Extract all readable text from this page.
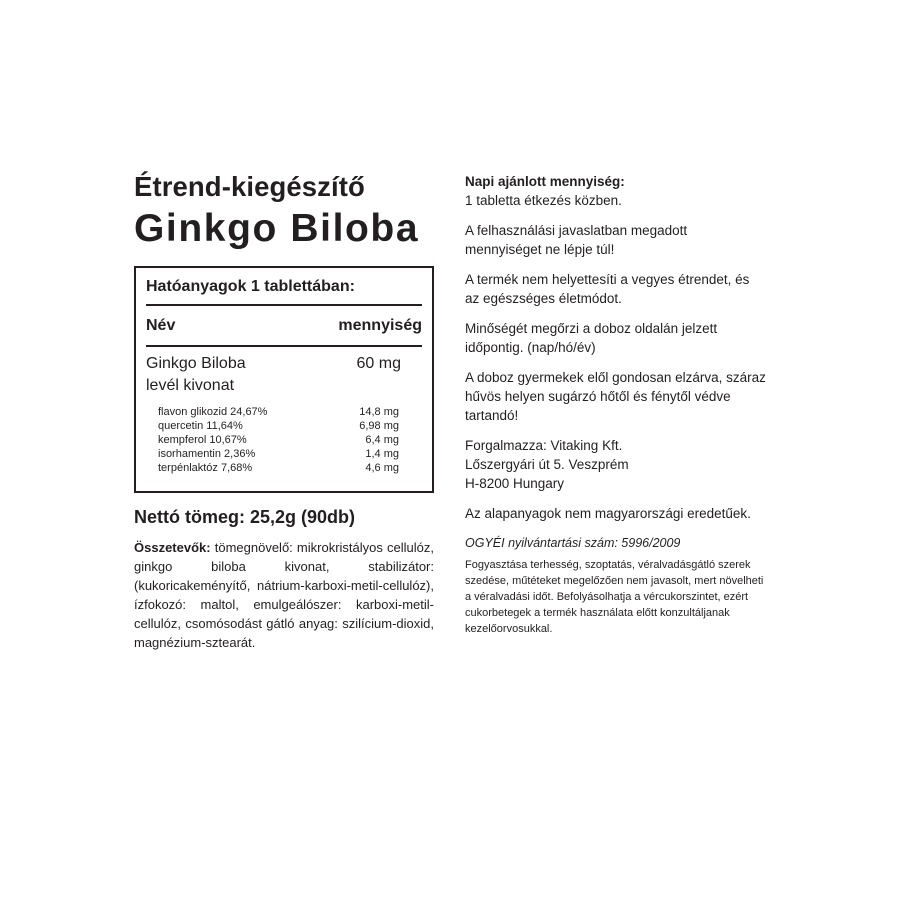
Étrend-kiegészítő
Ginkgo Biloba
Hatóanyagok 1 tablettában:
Név	mennyiség
Ginkgo Biloba
levél kivonat
60 mg
flavon glikozid 24,67%	14,8 mg
quercetin 11,64%	6,98 mg
kempferol 10,67%	6,4 mg
isorhamentin 2,36%	1,4 mg
terpénlaktóz 7,68%	4,6 mg
Nettó tömeg: 25,2g (90db)

Összetevők: tömegnövelő: mikrokristályos cellulóz, ginkgo biloba kivonat, stabilizátor: (kukoricakeményítő, nátrium-karboxi-metil-cellulóz), ízfokozó: maltol, emulgeálószer: karboxi-metil-cellulóz, csomósodást gátló anyag: szilícium-dioxid, magnézium-sztearát.

Napi ajánlott mennyiség:
1 tabletta étkezés közben.

A felhasználási javaslatban megadott mennyiséget ne lépje túl!

A termék nem helyettesíti a vegyes étrendet, és az egészséges életmódot.

Minőségét megőrzi a doboz oldalán jelzett időpontig. (nap/hó/év)

A doboz gyermekek elől gondosan elzárva, száraz hűvös helyen sugárzó hőtől és fénytől védve tartandó!

Forgalmazza: Vitaking Kft.
Lőszergyári út 5. Veszprém
H-8200 Hungary

Az alapanyagok nem magyarországi eredetűek.

OGYÉI nyilvántartási szám: 5996/2009

Fogyasztása terhesség, szoptatás, véralvadásgátló szerek szedése, műtéteket megelőzően nem javasolt, mert növelheti a véralvadási időt. Befolyásolhatja a vércukorszintet, ezért cukorbetegek a termék használata előtt konzultáljanak kezelőorvosukkal.
